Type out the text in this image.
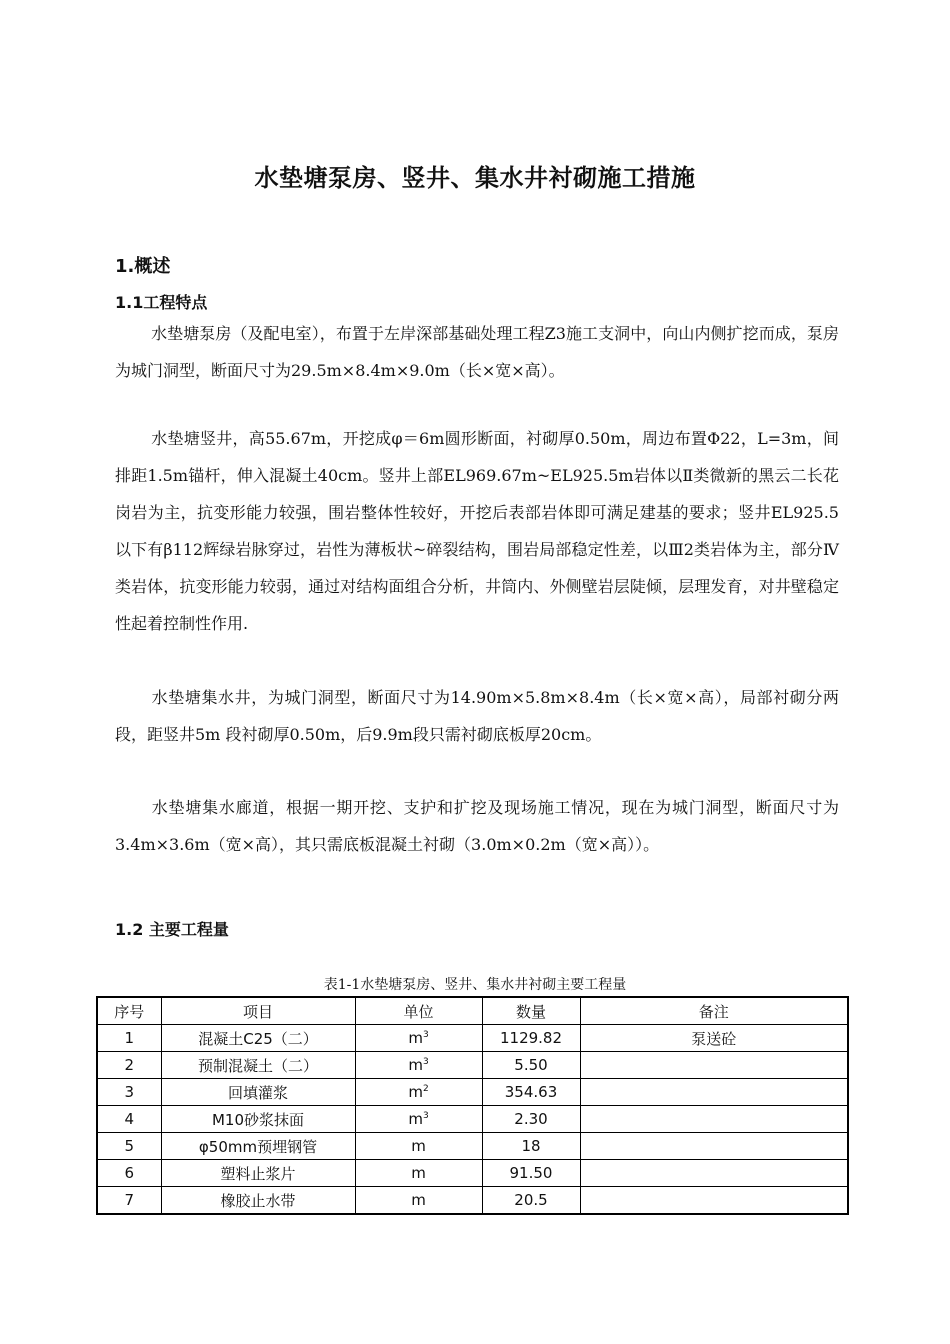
水垫塘泵房、竖井、集水井衬砌施工措施
1.概述
1.1工程特点
水垫塘泵房（及配电室），布置于左岸深部基础处理工程Z3施工支洞中，向山内侧扩挖而成，泵房为城门洞型，断面尺寸为29.5m×8.4m×9.0m（长×宽×高）。
水垫塘竖井，高55.67m，开挖成φ＝6m圆形断面，衬砌厚0.50m，周边布置Φ22，L=3m，间排距1.5m锚杆，伸入混凝土40cm。竖井上部EL969.67m~EL925.5m岩体以Ⅱ类微新的黑云二长花岗岩为主，抗变形能力较强，围岩整体性较好，开挖后表部岩体即可满足建基的要求；竖井EL925.5以下有β112辉绿岩脉穿过，岩性为薄板状~碎裂结构，围岩局部稳定性差，以Ⅲ2类岩体为主，部分Ⅳ类岩体，抗变形能力较弱，通过对结构面组合分析，井筒内、外侧壁岩层陡倾，层理发育，对井壁稳定性起着控制性作用.
水垫塘集水井，为城门洞型，断面尺寸为14.90m×5.8m×8.4m（长×宽×高），局部衬砌分两段，距竖井5m 段衬砌厚0.50m，后9.9m段只需衬砌底板厚20cm。
水垫塘集水廊道，根据一期开挖、支护和扩挖及现场施工情况，现在为城门洞型，断面尺寸为3.4m×3.6m（宽×高），其只需底板混凝土衬砌（3.0m×0.2m（宽×高））。
1.2 主要工程量
表1-1水垫塘泵房、竖井、集水井衬砌主要工程量
序号	项目	单位	数量	备注
1	混凝土C25（二）	$m^3$	1129.82	泵送砼
2	预制混凝土（二）	$m^3$	5.50	
3	回填灌浆	$m^2$	354.63	
4	M10砂浆抹面	$m^3$	2.30	
5	φ50mm预埋钢管	m	18	
6	塑料止浆片	m	91.50	
7	橡胶止水带	m	20.5	
